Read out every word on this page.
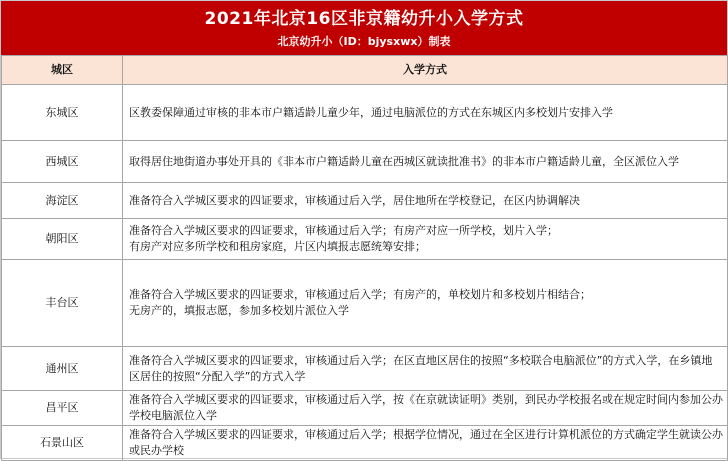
2021年北京16区非京籍幼升小入学方式
北京幼升小（ID：bjysxwx）制表
城区	入学方式
东城区	区教委保障通过审核的非本市户籍适龄儿童少年，通过电脑派位的方式在东城区内多校划片安排入学

西城区	取得居住地街道办事处开具的《非本市户籍适龄儿童在西城区就读批准书》的非本市户籍适龄儿童，全区派位入学

海淀区	准备符合入学城区要求的四证要求，审核通过后入学，居住地所在学校登记，在区内协调解决

朝阳区	准备符合入学城区要求的四证要求，审核通过后入学；有房产对应一所学校，划片入学；
有房产对应多所学校和租房家庭，片区内填报志愿统筹安排；

丰台区	准备符合入学城区要求的四证要求，审核通过后入学；有房产的，单校划片和多校划片相结合；
无房产的，填报志愿，参加多校划片派位入学

通州区	准备符合入学城区要求的四证要求，审核通过后入学；在区直地区居住的按照“多校联合电脑派位”的方式入学，在乡镇地区居住的按照“分配入学”的方式入学

昌平区	准备符合入学城区要求的四证要求，审核通过后入学，按《在京就读证明》类别，到民办学校报名或在规定时间内参加公办学校电脑派位入学

石景山区	准备符合入学城区要求的四证要求，审核通过后入学；根据学位情况，通过在全区进行计算机派位的方式确定学生就读公办或民办学校
